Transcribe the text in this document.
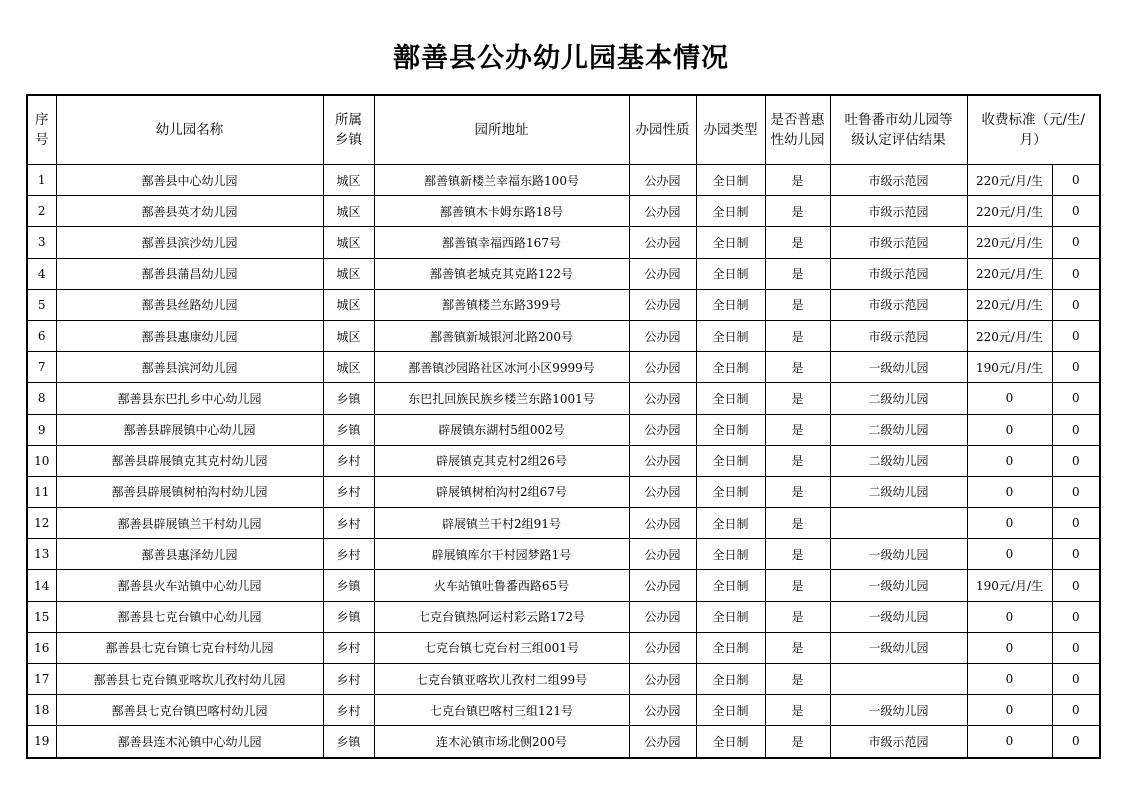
鄯善县公办幼儿园基本情况
序号	幼儿园名称	所属乡镇	园所地址	办园性质	办园类型	是否普惠性幼儿园	吐鲁番市幼儿园等级认定评估结果	收费标准（元/生/月）	
1	鄯善县中心幼儿园	城区	鄯善镇新楼兰幸福东路100号	公办园	全日制	是	市级示范园	220元/月/生	0
2	鄯善县英才幼儿园	城区	鄯善镇木卡姆东路18号	公办园	全日制	是	市级示范园	220元/月/生	0
3	鄯善县滨沙幼儿园	城区	鄯善镇幸福西路167号	公办园	全日制	是	市级示范园	220元/月/生	0
4	鄯善县蒲昌幼儿园	城区	鄯善镇老城克其克路122号	公办园	全日制	是	市级示范园	220元/月/生	0
5	鄯善县丝路幼儿园	城区	鄯善镇楼兰东路399号	公办园	全日制	是	市级示范园	220元/月/生	0
6	鄯善县惠康幼儿园	城区	鄯善镇新城银河北路200号	公办园	全日制	是	市级示范园	220元/月/生	0
7	鄯善县滨河幼儿园	城区	鄯善镇沙园路社区冰河小区9999号	公办园	全日制	是	一级幼儿园	190元/月/生	0
8	鄯善县东巴扎乡中心幼儿园	乡镇	东巴扎回族民族乡楼兰东路1001号	公办园	全日制	是	二级幼儿园	0	0
9	鄯善县辟展镇中心幼儿园	乡镇	辟展镇东湖村5组002号	公办园	全日制	是	二级幼儿园	0	0
10	鄯善县辟展镇克其克村幼儿园	乡村	辟展镇克其克村2组26号	公办园	全日制	是	二级幼儿园	0	0
11	鄯善县辟展镇树柏沟村幼儿园	乡村	辟展镇树柏沟村2组67号	公办园	全日制	是	二级幼儿园	0	0
12	鄯善县辟展镇兰干村幼儿园	乡村	辟展镇兰干村2组91号	公办园	全日制	是		0	0
13	鄯善县惠泽幼儿园	乡村	辟展镇库尔干村园梦路1号	公办园	全日制	是	一级幼儿园	0	0
14	鄯善县火车站镇中心幼儿园	乡镇	火车站镇吐鲁番西路65号	公办园	全日制	是	一级幼儿园	190元/月/生	0
15	鄯善县七克台镇中心幼儿园	乡镇	七克台镇热阿运村彩云路172号	公办园	全日制	是	一级幼儿园	0	0
16	鄯善县七克台镇七克台村幼儿园	乡村	七克台镇七克台村三组001号	公办园	全日制	是	一级幼儿园	0	0
17	鄯善县七克台镇亚喀坎儿孜村幼儿园	乡村	七克台镇亚喀坎儿孜村二组99号	公办园	全日制	是		0	0
18	鄯善县七克台镇巴喀村幼儿园	乡村	七克台镇巴喀村三组121号	公办园	全日制	是	一级幼儿园	0	0
19	鄯善县连木沁镇中心幼儿园	乡镇	连木沁镇市场北侧200号	公办园	全日制	是	市级示范园	0	0
